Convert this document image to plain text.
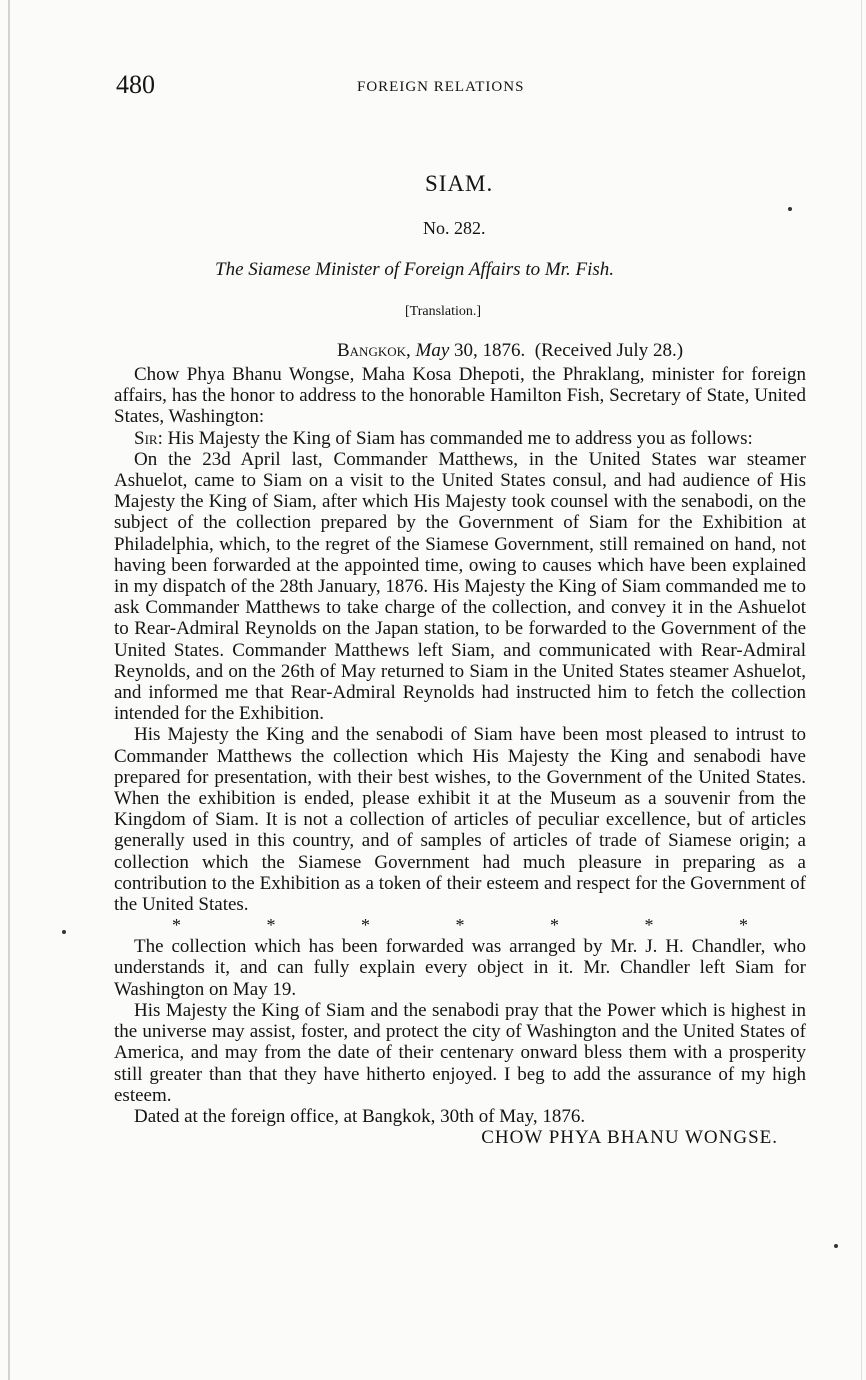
480	FOREIGN RELATIONS
SIAM.
No. 282.
The Siamese Minister of Foreign Affairs to Mr. Fish.
[Translation.]
Bangkok, May 30, 1876. (Received July 28.)

Chow Phya Bhanu Wongse, Maha Kosa Dhepoti, the Phraklang, minister for foreign affairs, has the honor to address to the honorable Hamilton Fish, Secretary of State, United States, Washington:

Sir: His Majesty the King of Siam has commanded me to address you as follows:

On the 23d April last, Commander Matthews, in the United States war steamer Ashuelot, came to Siam on a visit to the United States consul, and had audience of His Majesty the King of Siam, after which His Majesty took counsel with the senabodi, on the subject of the collection prepared by the Government of Siam for the Exhibition at Philadelphia, which, to the regret of the Siamese Government, still remained on hand, not having been forwarded at the appointed time, owing to causes which have been explained in my dispatch of the 28th January, 1876. His Majesty the King of Siam commanded me to ask Commander Matthews to take charge of the collection, and convey it in the Ashuelot to Rear-Admiral Reynolds on the Japan station, to be forwarded to the Government of the United States. Commander Matthews left Siam, and communicated with Rear-Admiral Reynolds, and on the 26th of May returned to Siam in the United States steamer Ashuelot, and informed me that Rear-Admiral Reynolds had instructed him to fetch the collection intended for the Exhibition.

His Majesty the King and the senabodi of Siam have been most pleased to intrust to Commander Matthews the collection which His Majesty the King and senabodi have prepared for presentation, with their best wishes, to the Government of the United States. When the exhibition is ended, please exhibit it at the Museum as a souvenir from the Kingdom of Siam. It is not a collection of articles of peculiar excellence, but of articles generally used in this country, and of samples of articles of trade of Siamese origin; a collection which the Siamese Government had much pleasure in preparing as a contribution to the Exhibition as a token of their esteem and respect for the Government of the United States.

*	*	*	*	*	*	*

The collection which has been forwarded was arranged by Mr. J. H. Chandler, who understands it, and can fully explain every object in it. Mr. Chandler left Siam for Washington on May 19.

His Majesty the King of Siam and the senabodi pray that the Power which is highest in the universe may assist, foster, and protect the city of Washington and the United States of America, and may from the date of their centenary onward bless them with a prosperity still greater than that they have hitherto enjoyed. I beg to add the assurance of my high esteem.

Dated at the foreign office, at Bangkok, 30th of May, 1876.

CHOW PHYA BHANU WONGSE.
